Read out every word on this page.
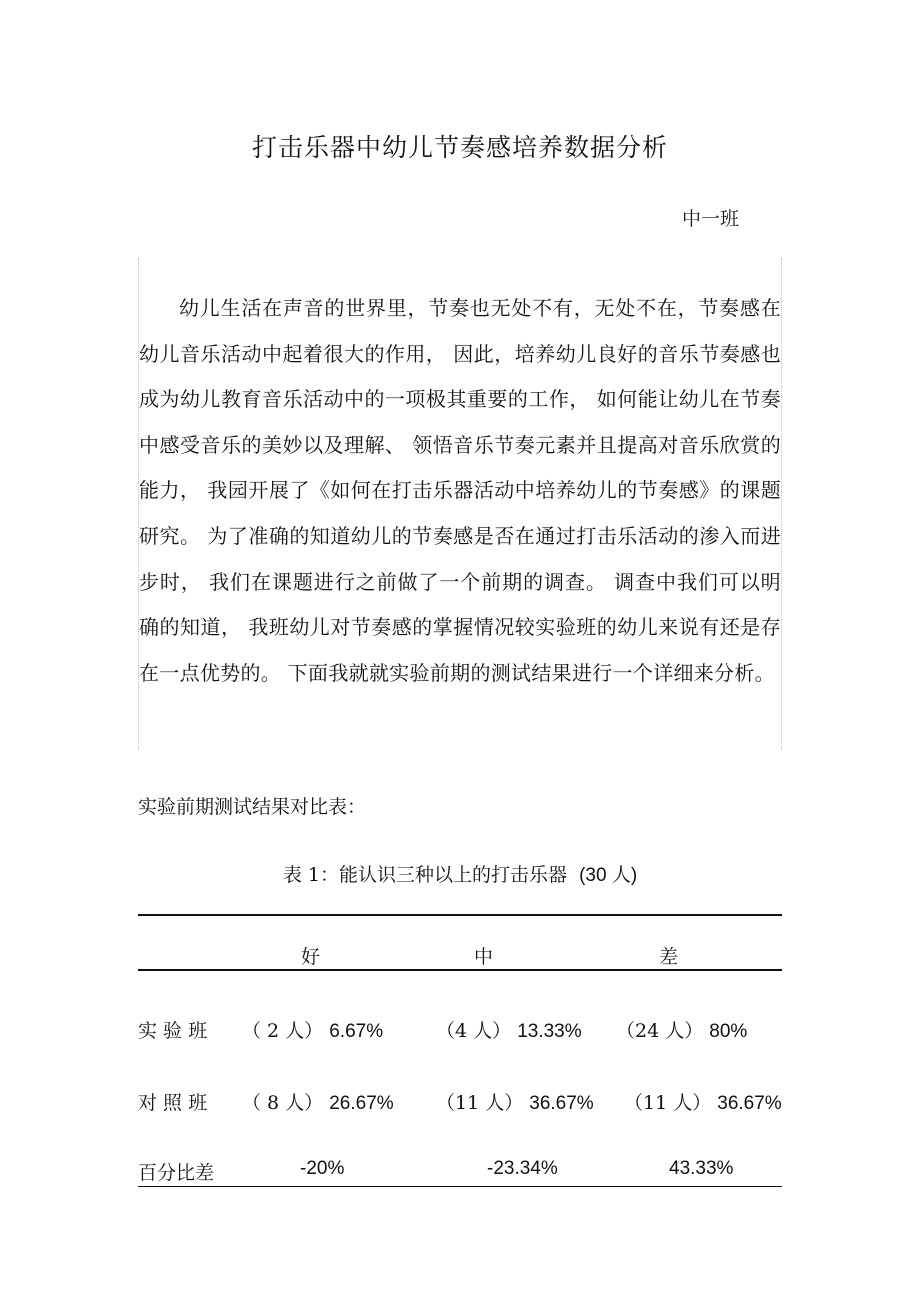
打击乐器中幼儿节奏感培养数据分析
中一班

幼儿生活在声音的世界里，节奏也无处不有，无处不在，节奏感在幼儿音乐活动中起着很大的作用， 因此，培养幼儿良好的音乐节奏感也成为幼儿教育音乐活动中的一项极其重要的工作， 如何能让幼儿在节奏中感受音乐的美妙以及理解、 领悟音乐节奏元素并且提高对音乐欣赏的能力， 我园开展了《如何在打击乐器活动中培养幼儿的节奏感》的课题研究。 为了准确的知道幼儿的节奏感是否在通过打击乐活动的渗入而进步时， 我们在课题进行之前做了一个前期的调查。 调查中我们可以明确的知道， 我班幼儿对节奏感的掌握情况较实验班的幼儿来说有还是存在一点优势的。 下面我就就实验前期的测试结果进行一个详细来分析。

实验前期测试结果对比表：
表 1：能认识三种以上的打击乐器 (30 人)
好	中	差
实 验 班 （ 2 人） 6.67%	（4 人） 13.33% （24 人） 80%
对 照 班 （ 8 人） 26.67% （11 人） 36.67% （11 人） 36.67%
百分比差	-20%	-23.34%	43.33%
